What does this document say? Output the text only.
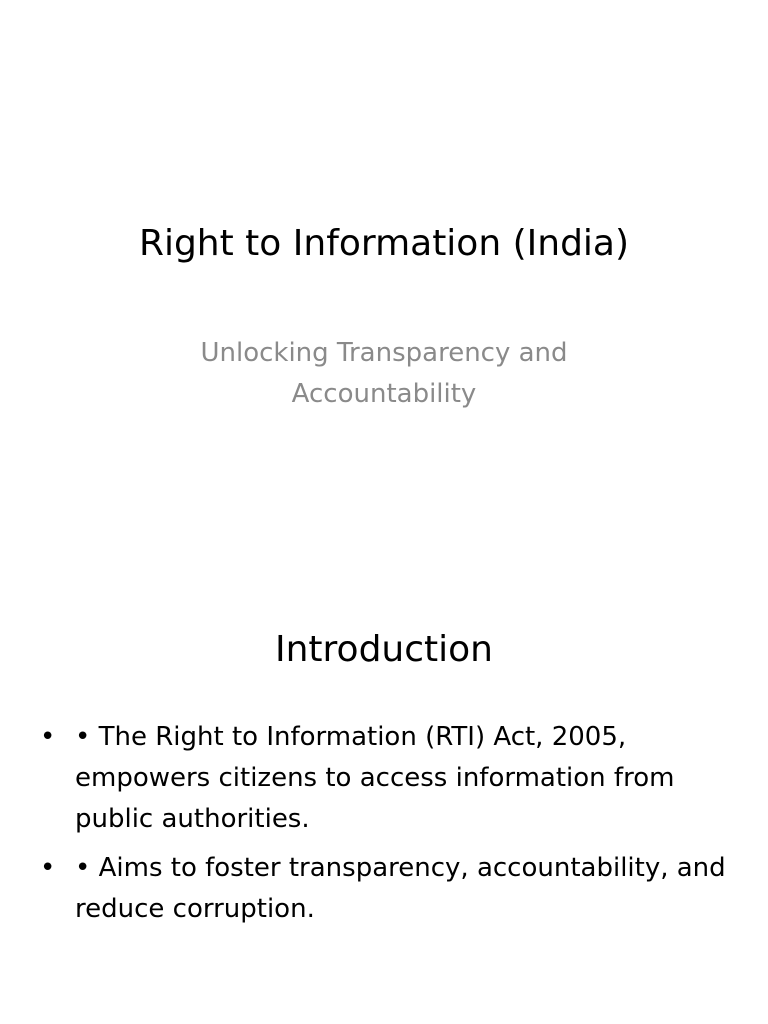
Right to Information (India)
Unlocking Transparency and Accountability
Introduction
• • The Right to Information (RTI) Act, 2005, empowers citizens to access information from public authorities.
• • Aims to foster transparency, accountability, and reduce corruption.
